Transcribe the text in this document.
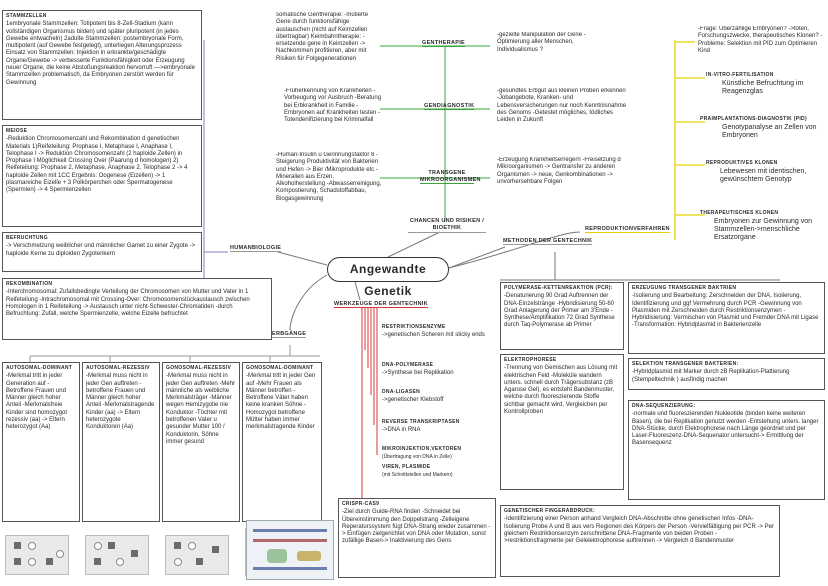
Angewandte Genetik
CHANCEN UND RISIKEN / BIOETHIK
METHODEN DER GENTECHNIK
REPRODUKTIONVERFAHREN
WERKZEUGE DER GENTECHNIK
ERBGÄNGE
HUMANBIOLOGIE
STAMMZELLEN

1embryonale Stammzellen: Totipotent bis 8-Zell-Stadium (kann vollständigen Organismus bilden) und später pluripotent (in jedes Gewebe entwacheln) 2adulte Stammzellen: postembryonale Form, multipotent (auf Gewebe festgelegt), unterliegen Alterungsprozess Einsatz von Stammzellen: Injektion in erkrankte/geschädigte Organe/Gewebe -> verbesserte Funktionsfähigkeit oder Erzeugung neuer Organe, die keine Abstoßungsreaktion hervorruft —>embryonale Stammzellen problematisch, da Embryonen zerstört werden für Gewinnung

MEIOSE

-Reduktion Chromosomenzahl und Rekombination d genetischen Materials 1)Reifeteilung: Prophase I, Metaphase I, Anaphase I, Telophase I -> Reduktion Chromosomenzahl (2 haploide Zellen) in Prophase I Möglichkeit Crossing Over (Paarung d homologen) 2) Reifeteilung: Prophase 2, Metaphase, Anaphase 2, Telophase 2 -> 4 haploide Zellen mit 1CC Ergebnis: Oogenese (Eizellen) -> 1 plasmareiche Eizelle + 3 Polkörperchen oder Spermatogenese (Spermien) -> 4 Spermienzellen

BEFRUCHTUNG

-> Verschmelzung weiblicher und männlicher Gamet zu einer Zygote -> haploide Kerne zu diploiden Zygotenkern

REKOMBINATION

-Interchromosomal: Zufallsbedingte Verteilung der Chromosomen von Mutter und Vater in 1 Reifeteilung -Intrachromosomal mit Crossing-Over: Chromosomenstückaustausch zwischen Homologen in 1 Reifeteilung -> Austausch unter nicht-Schwester-Chromatiden -durch Befruchtung: Zufall, welche Spermienzelle, welche Eizelle befruchtet

AUTOSOMAL-DOMINANT

-Merkmal tritt in jeder Generation auf -Betroffene Frauen und Männer gleich hoher Anteil -Merkmalsfreie Kinder sind homozygot rezessiv (aa) -> Eltern heterozygot (Aa)

AUTOSOMAL-REZESSIV

-Merkmal muss nicht in jeder Gen auftreten -betroffene Frauen und Männer gleich hoher Anteil -Merkmalstragende Kinder (aa) -> Eltern heterozygote Konduktoren (Aa)

GONOSOMAL-REZESSIV

-Merkmal muss nicht in jeder Gen auftreten -Mehr männliche als weibliche Merkmalsträger -Männer wegen Hemizygotie nie Konduktor -Töchter mit betroffenen Vater u gesunder Mutter 100 / Konduktorin, Söhne immer gesund

GONOSOMAL-DOMINANT

-Merkmal tritt in jeder Gen auf -Mehr Frauen als Männer betroffen -Betroffene Väter haben keine kranken Söhne -Homozygot betroffene Mütter haben immer merkmalstragende Kinder

somatische Gentherapie: -mutierte Gene durch funktionsfähige austauschen (nicht auf Keimzellen übertragbar) Keimbahntherapie: -ersetzende gene in Keimzellen -> Nachkommen profitieren, aber mit Risiken für Folgegenerationen
GENTHERAPIE
-gezielte Manipulation der Gene -Optimierung aller Menschen, Individualismus ?
-Früherkennung von Krankheiten -Vorbeugung vor Ausbruch -Beratung bei Erbkrankheit in Familie -Embryonen auf Krankheiten testen -Totendenifizierung bei Kriminalfall
GENDIAGNOSTIK
-gesundtes Erbgut aus kleinen Proben erkennen -Jobangebote, Kranken- und Lebensversicherungen nur noch Kenntnisnahme des Genoms -Getestet mögliches, tödliches Leiden in Zukunft
-Human-Insulin u Gerinnungsfaktor 8 -Steigerung Produktivität von Bakterien und Hefen -> Bier /Mikroprodukte etc -Mineralien aus Erzen, Alkoholherstellung -Abwasserreinigung, Kompostierung, Schadstoffabbau, Biogasgewinnung
TRANSGENE MIKROORGANISMEN
-Erzeugung Krankheitserregern -Freisetzung d Mikroorganismen -> Gentransfer zu anderen Organismen -> neue, Genkombinationen -> unvorhersehbare Folgen
-Frage: Überzählige Embryonen? ->töten, Forschungszwecke, therapeutisches Klonen? -Probleme: Selektion mit PID zum Optimieren Kind
IN-VITRO-FERTILISATION

Künstliche Befruchtung im Reagenzglas

PRÄIMPLANTATIONS-DIAGNOSTIK (PID)

Genotypanalyse an Zellen von Embryonen

REPRODUKTIVES KLONEN

Lebewesen mit identischen, gewünschtem Genotyp

THERAPEUTISCHES KLONEN

Embryonen zur Gewinnung von Stammzellen->menschliche Ersatzorgane

RESTRIKTIONSENZYME

->genetischen Scheren mit sticky ends

DNA-POLYMERASE

->Synthese bei Replikation

DNA-LIGASEN

->genetischer Klebstoff

REVERSE TRANSKRIPTASEN

->DNA in RNA

MIKROINJEKTION,VEKTOREN

(Übertragung von DNA in Zelle)

VIREN, PLASMIDE

(mit Schnittstellen und Markern)

CRISPR-CAS9

-Ziel durch Guide-RNA finden -Schneidet bei Übereinstimmung den Doppelstrang -Zelleigene Reperaturssystem fügt DNA-Strang wieder zusammen -> Einfügen zielgerichtet von DNA oder Mutation, sonst zufällige Basen-> Inaktivierung des Gens

POLYMERASE-KETTENREAKTION (PCR):

-Denaturierung 90 Grad Auftrennen der DNA-Einzelstränge -Hybridisierung 50-60 Grad Anlagerung der Primer am 3'Ende -Synthese/Amplifikation 72 Grad Synthese durch Taq-Polymerase ab Primer

ELEKTROPHORESE

-Trennung von Gemischen aus Lösung mit elektrischen Feld -Moleküle wandern unters. schnell durch Trägersubstanz (zB Agarose Gel), es entsteht Bandenmuster, welche durch fluoreszierende Stoffe sichtbar gemacht wird, Vergleichen per Kontrollproben

GENETISCHER FINGERABDRUCK:

-Identifizierung einer Person anhand Vergleich DNA-Abschnitte ohne genetischen Infos -DNA-Isolierung Probe A und B aus vers Regionen des Körpers der Person -Vervielfältigung per PCR -> Per gleichem Restriktionsenzym zerschnittene DNA-Fragmente von beiden Proben ->restriktionsfragmente per Gelelektrophorese auftrennen -> Vergleich d Bandenmuster

ERZEUGUNG TRANSGENER BAKTRIEN

-Isolierung und Bearbeitung: Zerschneiden der DNA, Isolierung, Identifizierung und ggf Vermehrung durch PCR -Gewinnung von Plasmiden mit Zerschneiden durch Restriktionsenzymen -Hybridisierung: Vermischen von Plasmid und Fremder DNA mit Ligase -Transformation: Hybridplasmid in Bakterienzelle

SELEKTION TRANSGENER BAKTERIEN:

-Hybridplasmid mit Marker durch zB Replikation-Plattierung (Stempeltechnik ) ausfindig machen

DNA-SEQUENZIERUNG:

-normale und fluoreszierenden Nukleotide (binden keine weiteren Basen), die bei Replikation genutzt werden -Entstehung unters. langer DNA-Stücke, durch Elektrophorese nach Länge geordnet und per Laser-Fluoreszenz-DNA-Sequenator untersucht-> Ermittlung der Basensequenz
